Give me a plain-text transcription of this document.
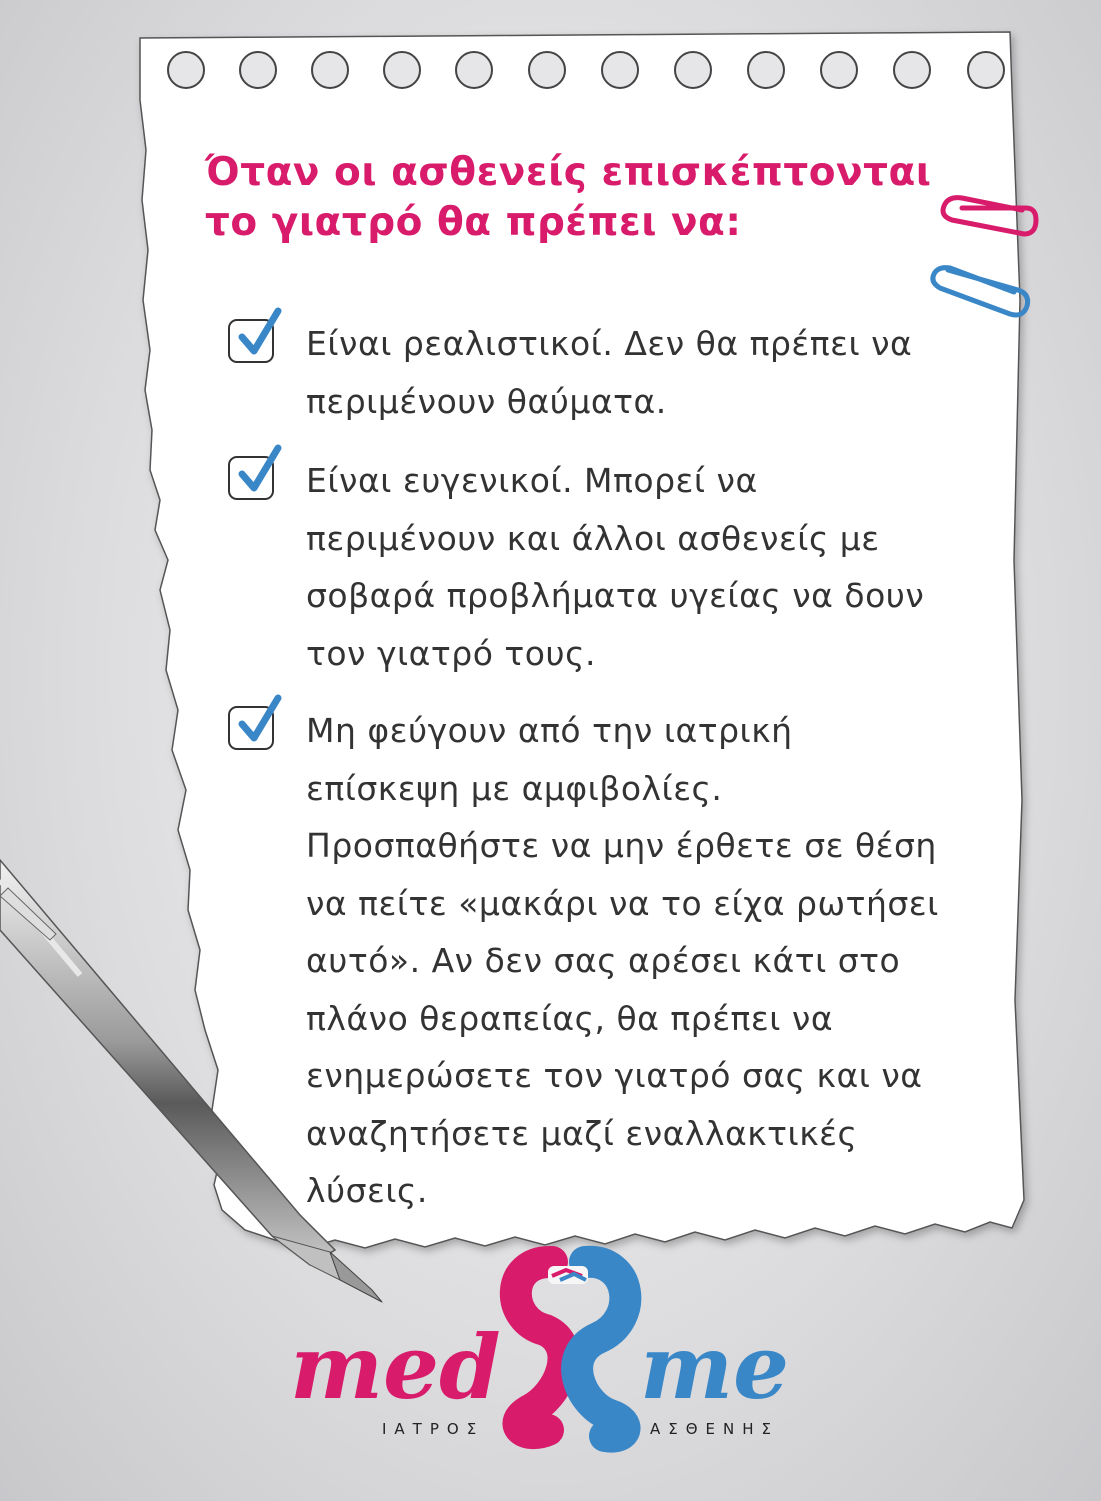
Όταν οι ασθενείς επισκέπτονται
το γιατρό θα πρέπει να:
Είναι ρεαλιστικοί. Δεν θα πρέπει να
περιμένουν θαύματα.
Είναι ευγενικοί. Μπορεί να
περιμένουν και άλλοι ασθενείς με
σοβαρά προβλήματα υγείας να δουν
τον γιατρό τους.
Μη φεύγουν από την ιατρική
επίσκεψη με αμφιβολίες.
Προσπαθήστε να μην έρθετε σε θέση
να πείτε «μακάρι να το είχα ρωτήσει
αυτό». Αν δεν σας αρέσει κάτι στο
πλάνο θεραπείας, θα πρέπει να
ενημερώσετε τον γιατρό σας και να
αναζητήσετε μαζί εναλλακτικές
λύσεις.
med me
ΙΑΤΡΟΣ	ΑΣΘΕΝΗΣ
